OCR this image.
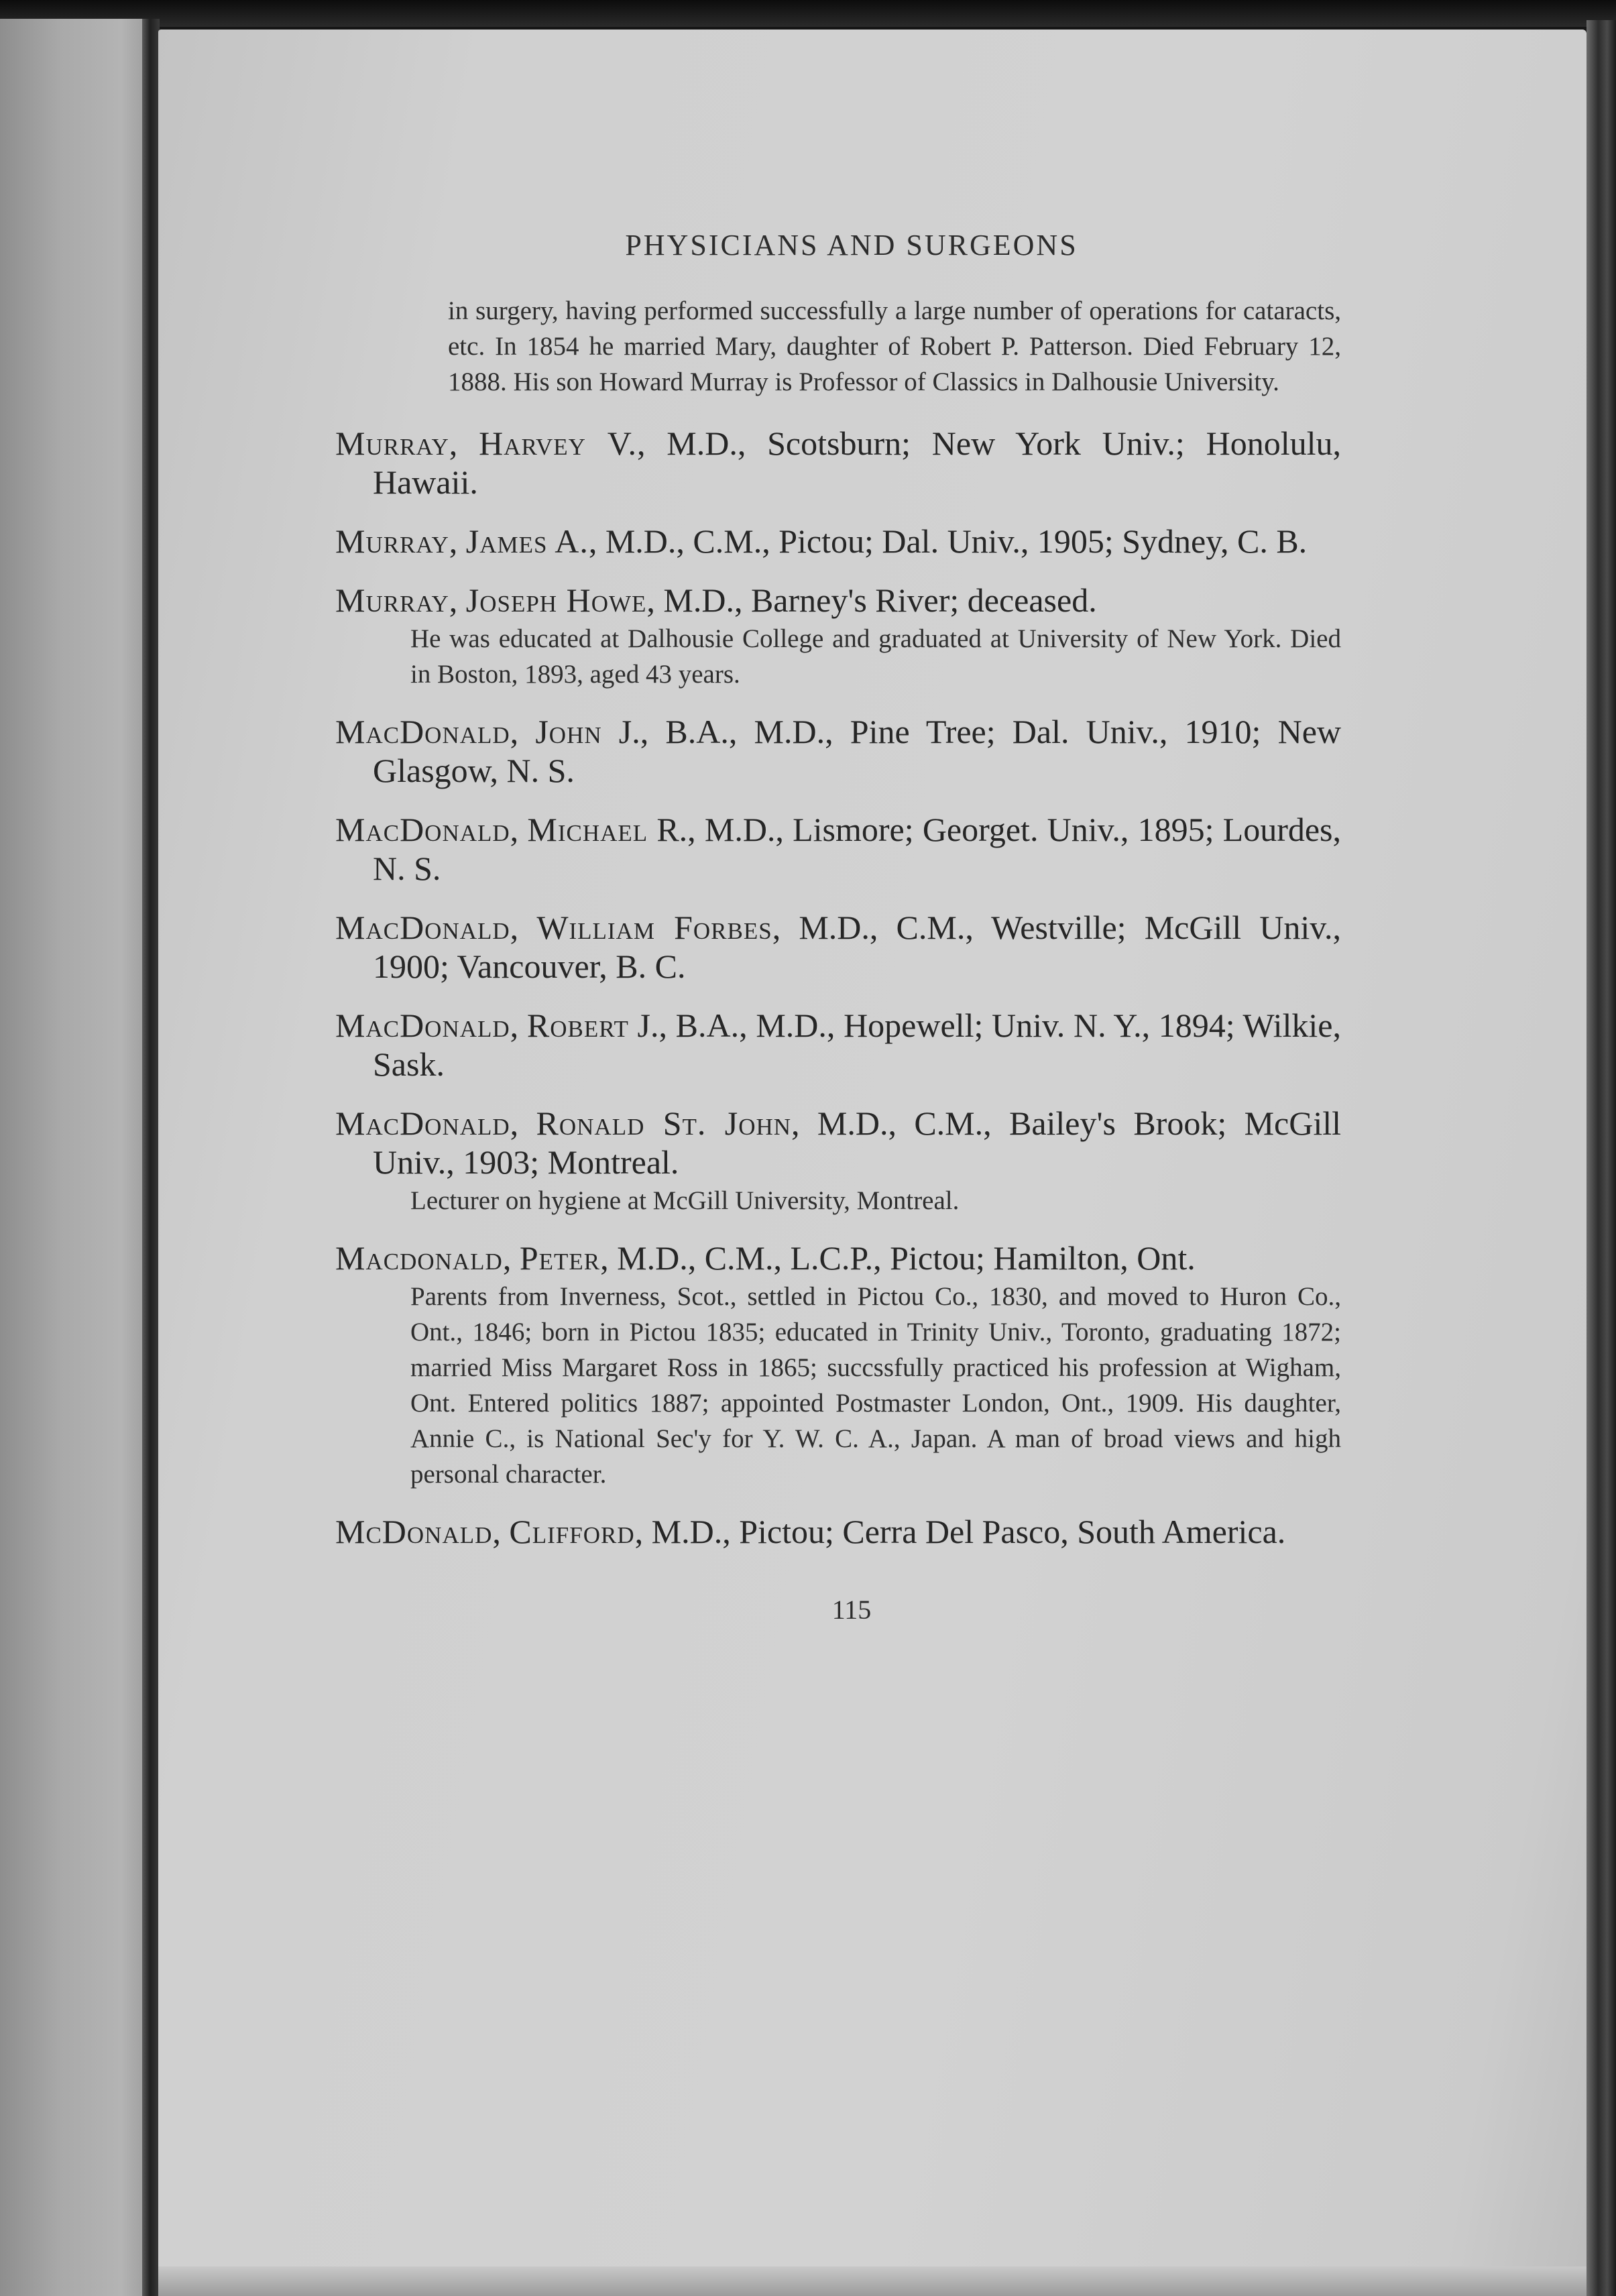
PHYSICIANS AND SURGEONS
in surgery, having performed successfully a large number of operations for cataracts, etc. In 1854 he married Mary, daughter of Robert P. Patterson. Died February 12, 1888. His son Howard Murray is Professor of Classics in Dalhousie University.
Murray, Harvey V., M.D., Scotsburn; New York Univ.; Honolulu, Hawaii.
Murray, James A., M.D., C.M., Pictou; Dal. Univ., 1905; Sydney, C. B.
Murray, Joseph Howe, M.D., Barney's River; deceased.
He was educated at Dalhousie College and graduated at University of New York. Died in Boston, 1893, aged 43 years.
MacDonald, John J., B.A., M.D., Pine Tree; Dal. Univ., 1910; New Glasgow, N. S.
MacDonald, Michael R., M.D., Lismore; Georget. Univ., 1895; Lourdes, N. S.
MacDonald, William Forbes, M.D., C.M., Westville; McGill Univ., 1900; Vancouver, B. C.
MacDonald, Robert J., B.A., M.D., Hopewell; Univ. N. Y., 1894; Wilkie, Sask.
MacDonald, Ronald St. John, M.D., C.M., Bailey's Brook; McGill Univ., 1903; Montreal.
Lecturer on hygiene at McGill University, Montreal.
Macdonald, Peter, M.D., C.M., L.C.P., Pictou; Hamilton, Ont.
Parents from Inverness, Scot., settled in Pictou Co., 1830, and moved to Huron Co., Ont., 1846; born in Pictou 1835; educated in Trinity Univ., Toronto, graduating 1872; married Miss Margaret Ross in 1865; succssfully practiced his profession at Wigham, Ont. Entered politics 1887; appointed Postmaster London, Ont., 1909. His daughter, Annie C., is National Sec'y for Y. W. C. A., Japan. A man of broad views and high personal character.
McDonald, Clifford, M.D., Pictou; Cerra Del Pasco, South America.
115
